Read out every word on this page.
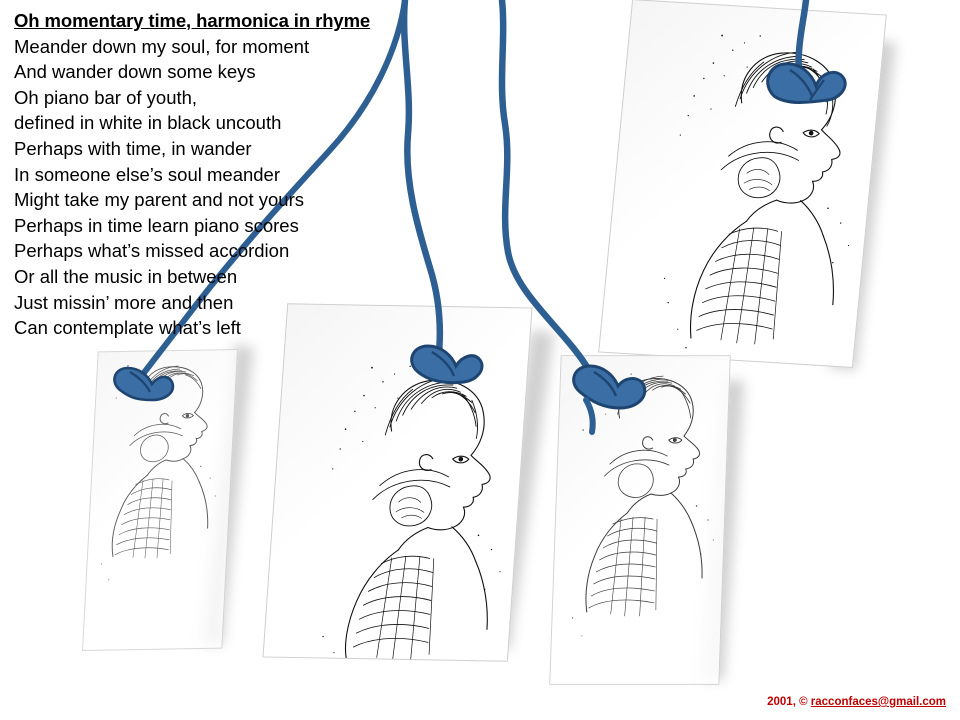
Oh momentary time, harmonica in rhyme
Meander down my soul, for moment
And wander down some keys
Oh piano bar of youth,
defined in white in black uncouth
Perhaps with time, in wander
In someone else’s soul meander
Might take my parent and not yours
Perhaps in time learn piano scores
Perhaps what’s missed accordion
Or all the music in between
Just missin’ more and then
Can contemplate what’s left
2001, © racconfaces@gmail.com
